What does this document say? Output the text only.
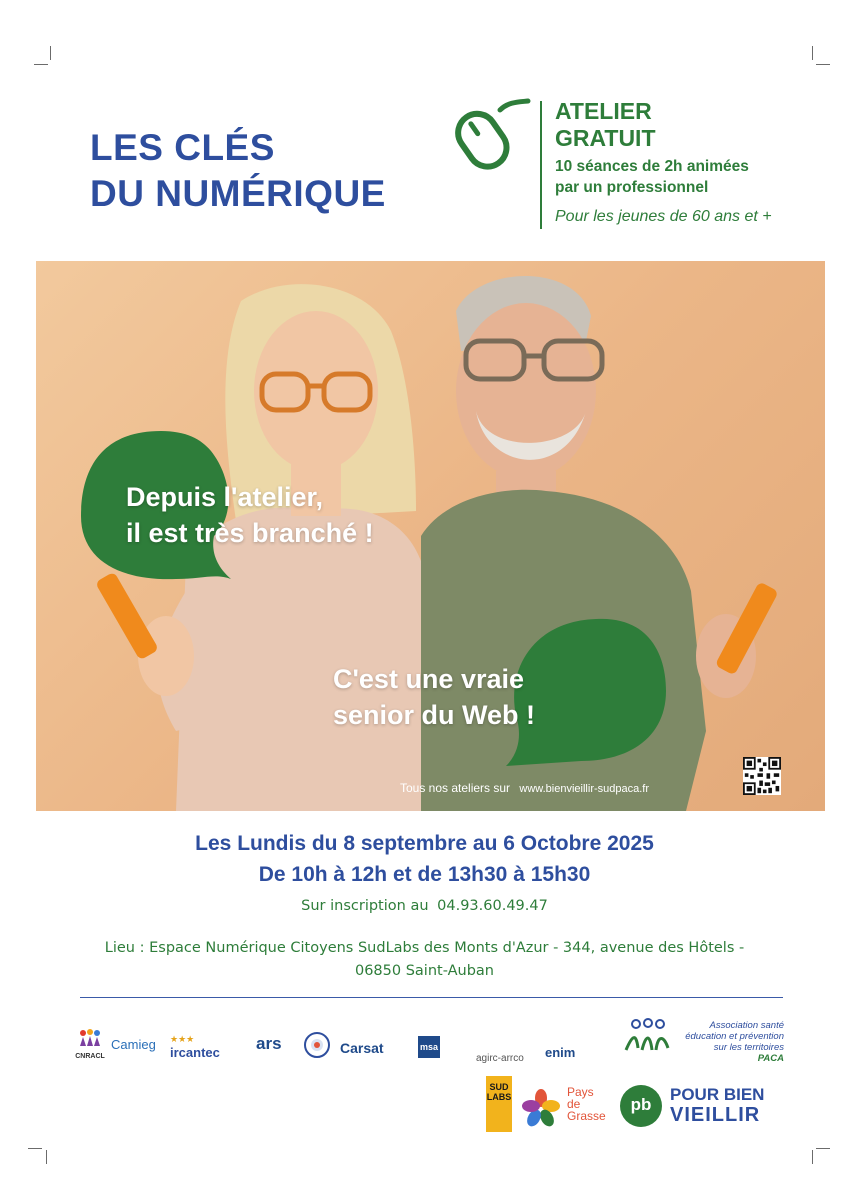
LES CLÉS
DU NUMÉRIQUE
ATELIER
GRATUIT
10 séances de 2h animées
par un professionnel
Pour les jeunes de 60 ans et +
Depuis l'atelier,
il est très branché !
C'est une vraie
senior du Web !
Tous nos ateliers sur www.bienvieillir-sudpaca.fr
Les Lundis du 8 septembre au 6 Octobre 2025
De 10h à 12h et de 13h30 à 15h30
Sur inscription au 04.93.60.49.47
Lieu : Espace Numérique Citoyens SudLabs des Monts d'Azur - 344, avenue des Hôtels -
06850 Saint-Auban
CNRACL
Camieg ★★★
ircantec ars	Carsat	msa
agirc-arrco enim
Association santé
éducation et prévention
sur les territoires
PACA
SUD LABS	Pays
de
Grasse
pb
POUR BIEN
VIEILLIR
